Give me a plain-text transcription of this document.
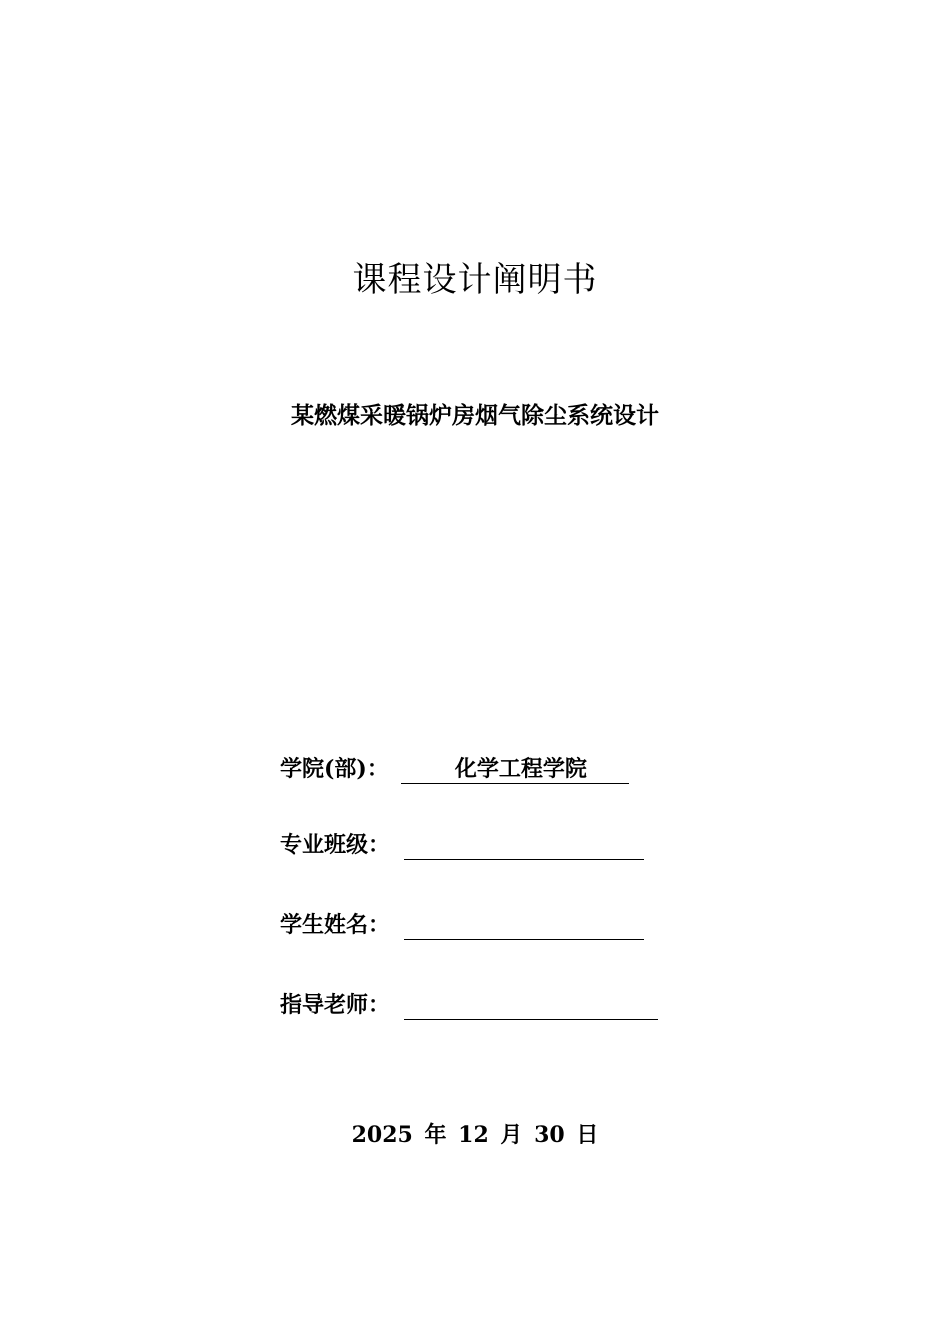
课程设计阐明书
某燃煤采暖锅炉房烟气除尘系统设计
学院(部)：	化学工程学院
专业班级：
学生姓名：
指导老师：
2025 年 12 月 30 日
